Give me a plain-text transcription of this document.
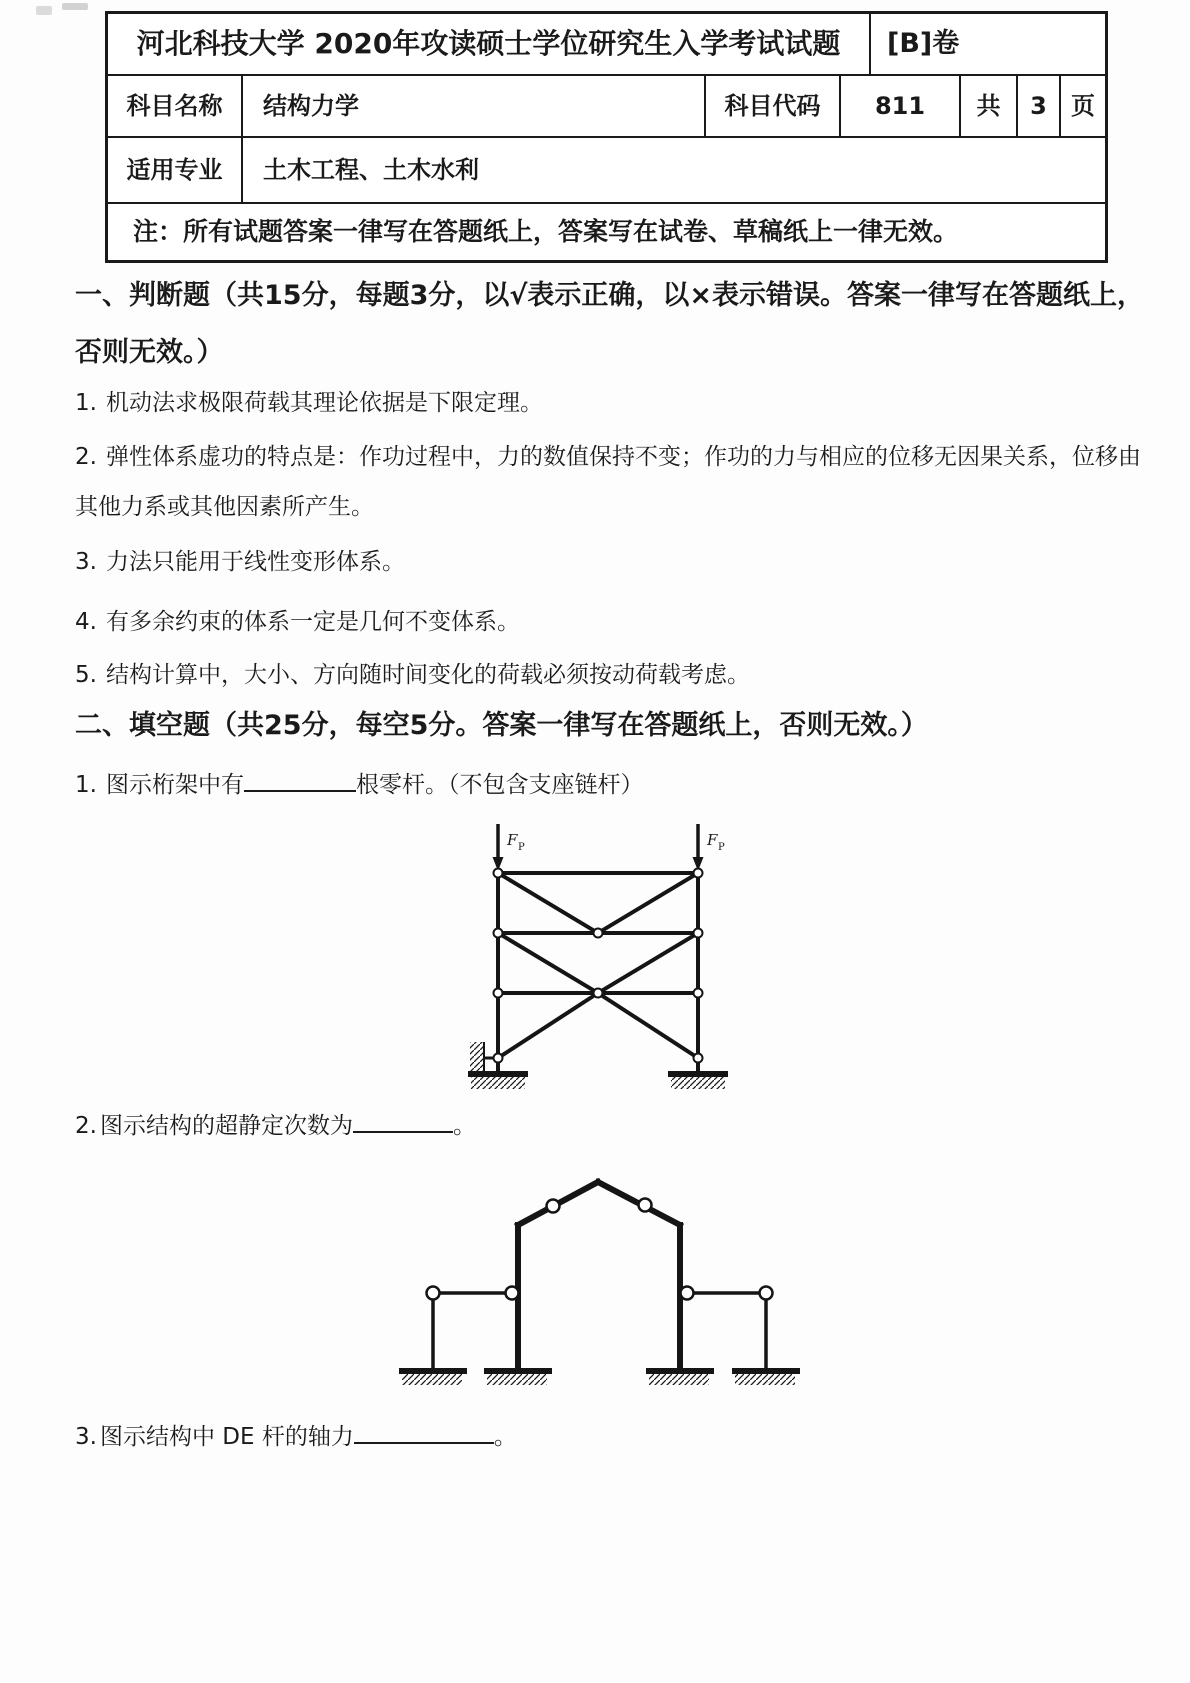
河北科技大学 2020年攻读硕士学位研究生入学考试试题	[B]卷
科目名称	结构力学	科目代码	811	共	3	页
适用专业	土木工程、土木水利
注：所有试题答案一律写在答题纸上，答案写在试卷、草稿纸上一律无效。
一、判断题（共15分，每题3分，以√表示正确，以×表示错误。答案一律写在答题纸上，否则无效。）
1. 机动法求极限荷载其理论依据是下限定理。
2. 弹性体系虚功的特点是：作功过程中，力的数值保持不变；作功的力与相应的位移无因果关系，位移由其他力系或其他因素所产生。
3. 力法只能用于线性变形体系。
4. 有多余约束的体系一定是几何不变体系。
5. 结构计算中，大小、方向随时间变化的荷载必须按动荷载考虑。
二、填空题（共25分，每空5分。答案一律写在答题纸上，否则无效。）
1. 图示桁架中有	根零杆。（不包含支座链杆）
F P	F P
2. 图示结构的超静定次数为	。
3. 图示结构中 DE 杆的轴力	。
